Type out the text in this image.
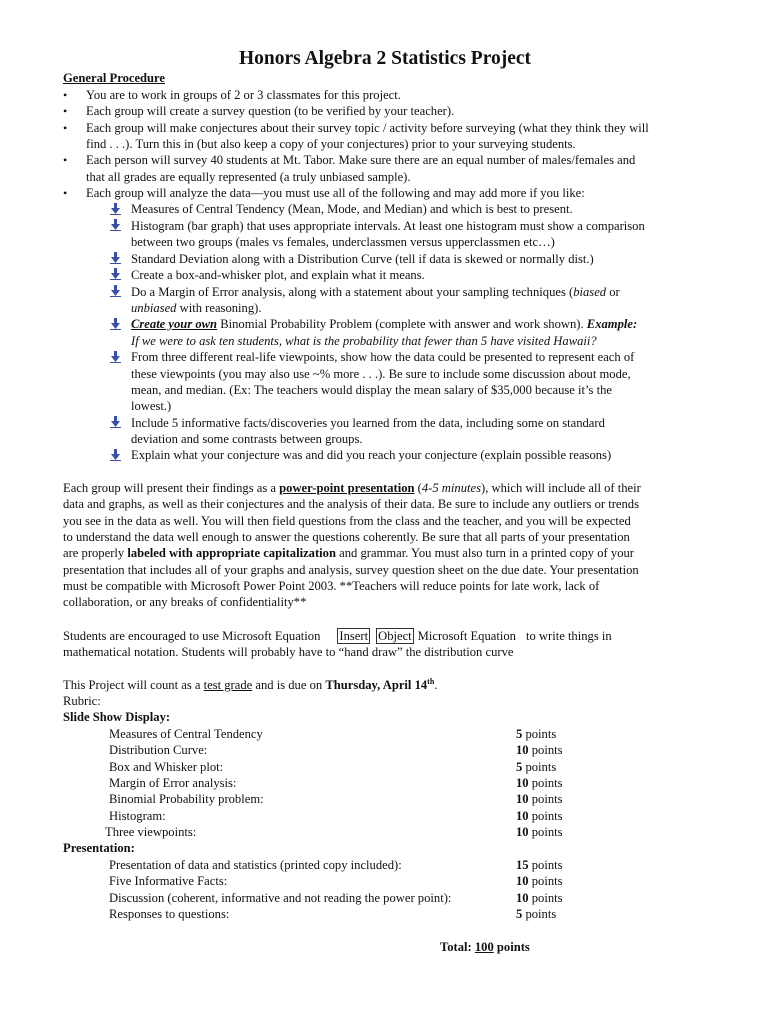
Honors Algebra 2 Statistics Project
General Procedure
• You are to work in groups of 2 or 3 classmates for this project.
• Each group will create a survey question (to be verified by your teacher).
• Each group will make conjectures about their survey topic / activity before surveying (what they think they will
find . . .). Turn this in (but also keep a copy of your conjectures) prior to your surveying students.
• Each person will survey 40 students at Mt. Tabor. Make sure there are an equal number of males/females and
that all grades are equally represented (a truly unbiased sample).
• Each group will analyze the data—you must use all of the following and may add more if you like:
Measures of Central Tendency (Mean, Mode, and Median) and which is best to present.
Histogram (bar graph) that uses appropriate intervals. At least one histogram must show a comparison
between two groups (males vs females, underclassmen versus upperclassmen etc…)
Standard Deviation along with a Distribution Curve (tell if data is skewed or normally dist.)
Create a box-and-whisker plot, and explain what it means.
Do a Margin of Error analysis, along with a statement about your sampling techniques (biased or
unbiased with reasoning).
Create your own Binomial Probability Problem (complete with answer and work shown). Example:
If we were to ask ten students, what is the probability that fewer than 5 have visited Hawaii?
From three different real-life viewpoints, show how the data could be presented to represent each of
these viewpoints (you may also use ~% more . . .). Be sure to include some discussion about mode,
mean, and median. (Ex: The teachers would display the mean salary of $35,000 because it’s the
lowest.)
Include 5 informative facts/discoveries you learned from the data, including some on standard
deviation and some contrasts between groups.
Explain what your conjecture was and did you reach your conjecture (explain possible reasons)
Each group will present their findings as a power-point presentation (4-5 minutes), which will include all of their
data and graphs, as well as their conjectures and the analysis of their data. Be sure to include any outliers or trends
you see in the data as well. You will then field questions from the class and the teacher, and you will be expected
to understand the data well enough to answer the questions coherently. Be sure that all parts of your presentation
are properly labeled with appropriate capitalization and grammar. You must also turn in a printed copy of your
presentation that includes all of your graphs and analysis, survey question sheet on the due date. Your presentation
must be compatible with Microsoft Power Point 2003. **Teachers will reduce points for late work, lack of
collaboration, or any breaks of confidentiality**
Students are encouraged to use Microsoft Equation Insert Object Microsoft Equation to write things in
mathematical notation. Students will probably have to “hand draw” the distribution curve
This Project will count as a test grade and is due on Thursday, April 14th.
Rubric:
Slide Show Display:
Measures of Central Tendency	5 points
Distribution Curve:	10 points
Box and Whisker plot:	5 points
Margin of Error analysis:	10 points
Binomial Probability problem:	10 points
Histogram:	10 points
Three viewpoints:	10 points
Presentation:
Presentation of data and statistics (printed copy included):	15 points
Five Informative Facts:	10 points
Discussion (coherent, informative and not reading the power point):	10 points
Responses to questions:	5 points
Total: 100 points
